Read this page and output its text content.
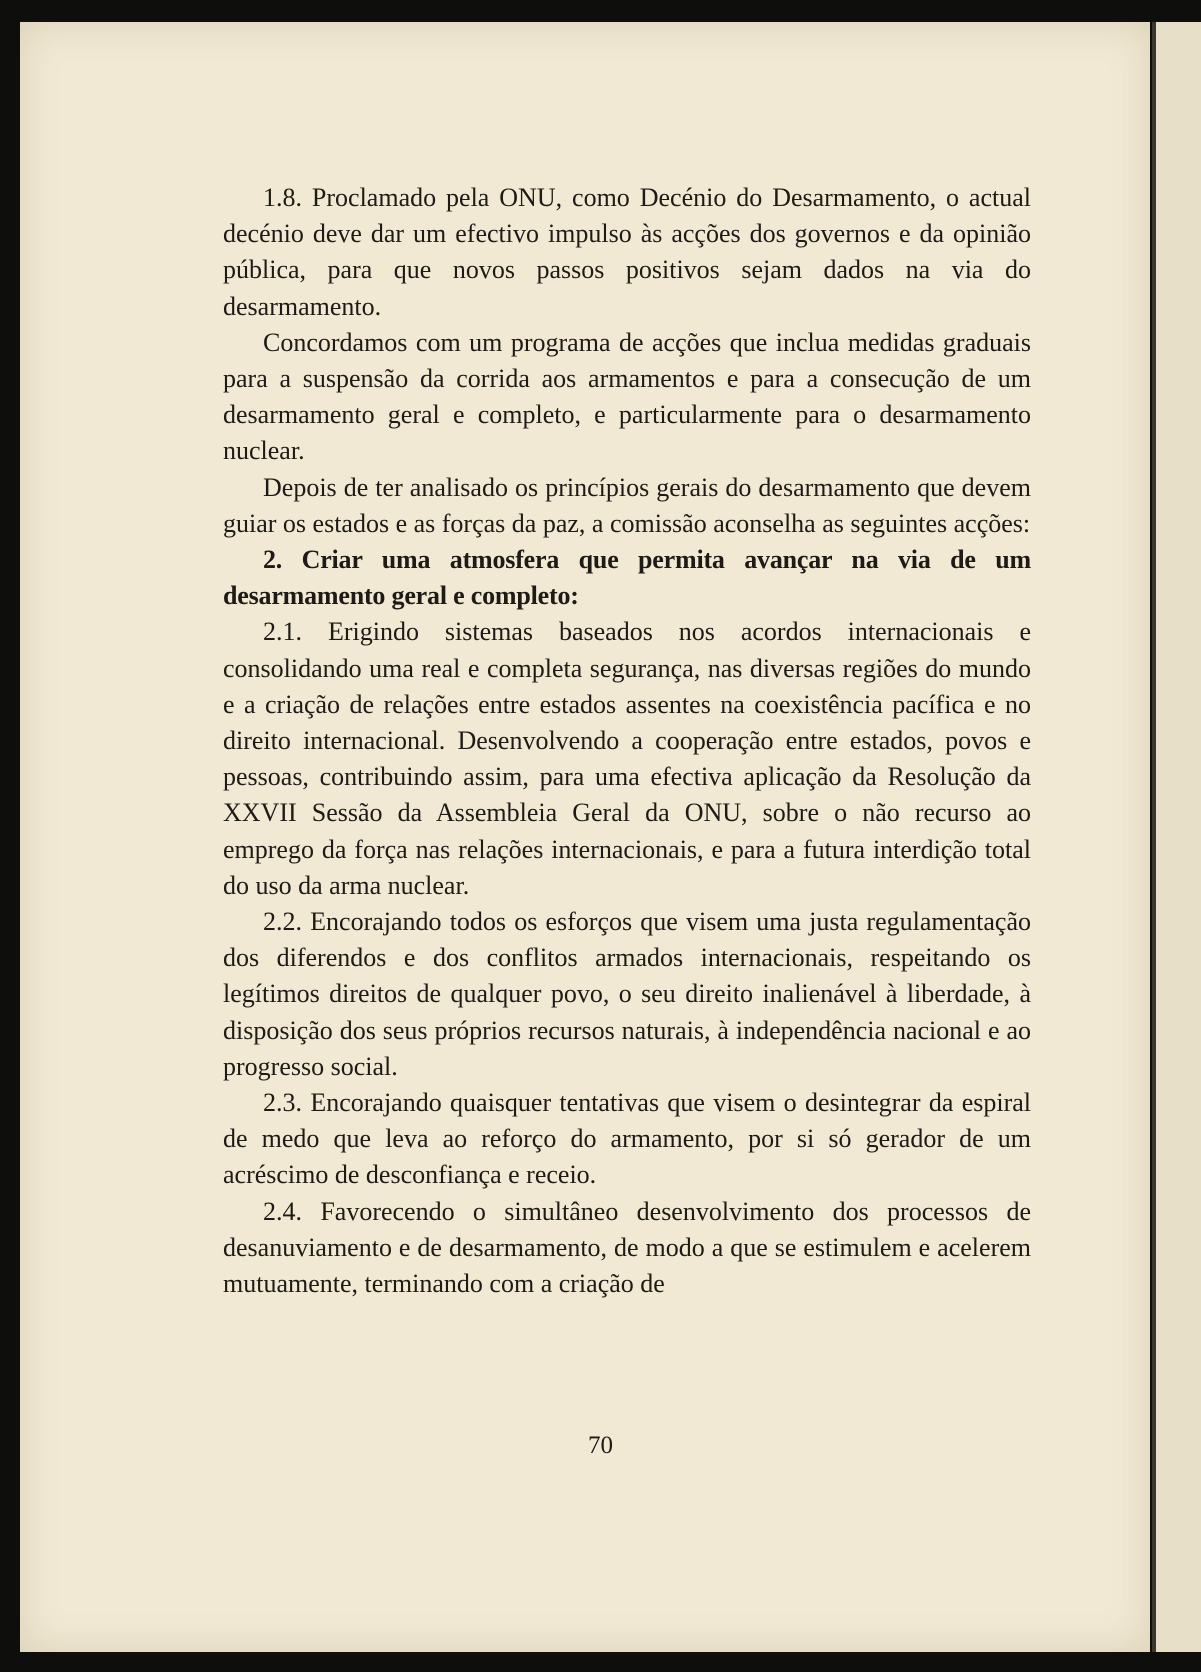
1.8. Proclamado pela ONU, como Decénio do Desarmamento, o actual decénio deve dar um efectivo impulso às acções dos governos e da opinião pública, para que novos passos positivos sejam dados na via do desarmamento.

Concordamos com um programa de acções que inclua medidas graduais para a suspensão da corrida aos armamentos e para a consecução de um desarmamento geral e completo, e particularmente para o desarmamento nuclear.

Depois de ter analisado os princípios gerais do desarmamento que devem guiar os estados e as forças da paz, a comissão aconselha as seguintes acções:

2. Criar uma atmosfera que permita avançar na via de um desarmamento geral e completo:

2.1. Erigindo sistemas baseados nos acordos internacionais e consolidando uma real e completa segurança, nas diversas regiões do mundo e a criação de relações entre estados assentes na coexistência pacífica e no direito internacional. Desenvolvendo a cooperação entre estados, povos e pessoas, contribuindo assim, para uma efectiva aplicação da Resolução da XXVII Sessão da Assembleia Geral da ONU, sobre o não recurso ao emprego da força nas relações internacionais, e para a futura interdição total do uso da arma nuclear.

2.2. Encorajando todos os esforços que visem uma justa regulamentação dos diferendos e dos conflitos armados internacionais, respeitando os legítimos direitos de qualquer povo, o seu direito inalienável à liberdade, à disposição dos seus próprios recursos naturais, à independência nacional e ao progresso social.

2.3. Encorajando quaisquer tentativas que visem o desintegrar da espiral de medo que leva ao reforço do armamento, por si só gerador de um acréscimo de desconfiança e receio.

2.4. Favorecendo o simultâneo desenvolvimento dos processos de desanuviamento e de desarmamento, de modo a que se estimulem e acelerem mutuamente, terminando com a criação de

70
